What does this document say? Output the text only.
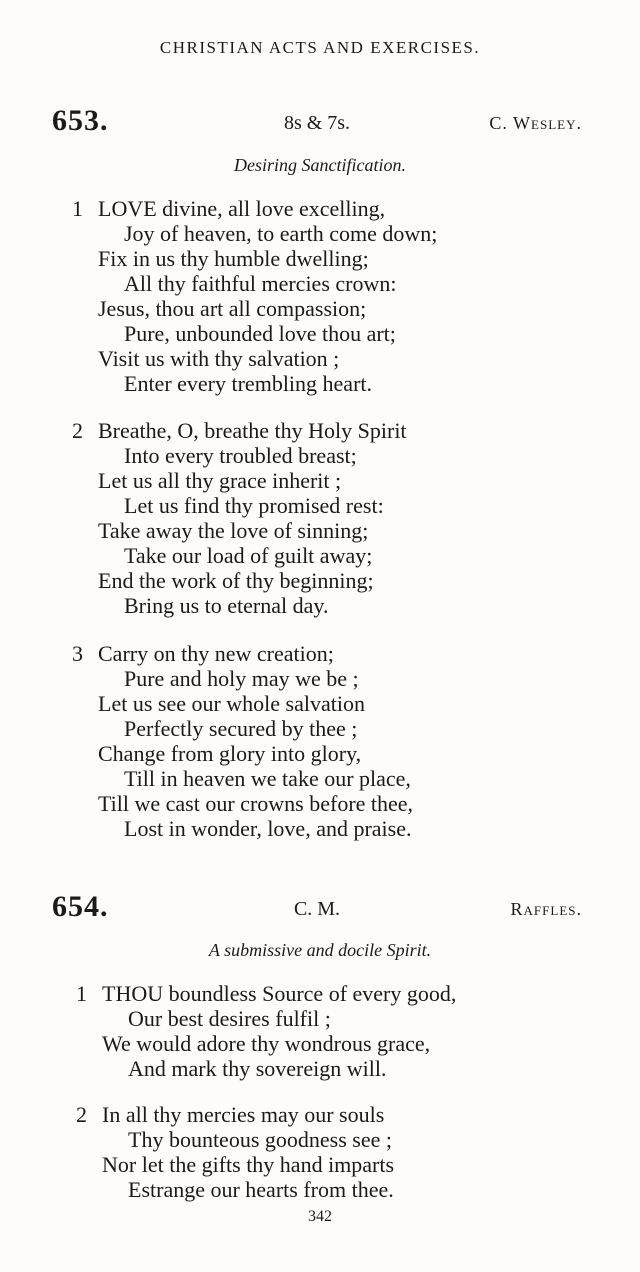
CHRISTIAN ACTS AND EXERCISES.
653.	8s & 7s.	C. Wesley.
Desiring Sanctification.
1 LOVE divine, all love excelling,
Joy of heaven, to earth come down;
Fix in us thy humble dwelling;
All thy faithful mercies crown:
Jesus, thou art all compassion;
Pure, unbounded love thou art;
Visit us with thy salvation ;
Enter every trembling heart.
2 Breathe, O, breathe thy Holy Spirit
Into every troubled breast;
Let us all thy grace inherit ;
Let us find thy promised rest:
Take away the love of sinning;
Take our load of guilt away;
End the work of thy beginning;
Bring us to eternal day.
3 Carry on thy new creation;
Pure and holy may we be ;
Let us see our whole salvation
Perfectly secured by thee ;
Change from glory into glory,
Till in heaven we take our place,
Till we cast our crowns before thee,
Lost in wonder, love, and praise.
654.	C. M.	Raffles.
A submissive and docile Spirit.
1 THOU boundless Source of every good,
Our best desires fulfil ;
We would adore thy wondrous grace,
And mark thy sovereign will.
2 In all thy mercies may our souls
Thy bounteous goodness see ;
Nor let the gifts thy hand imparts
Estrange our hearts from thee.
342
